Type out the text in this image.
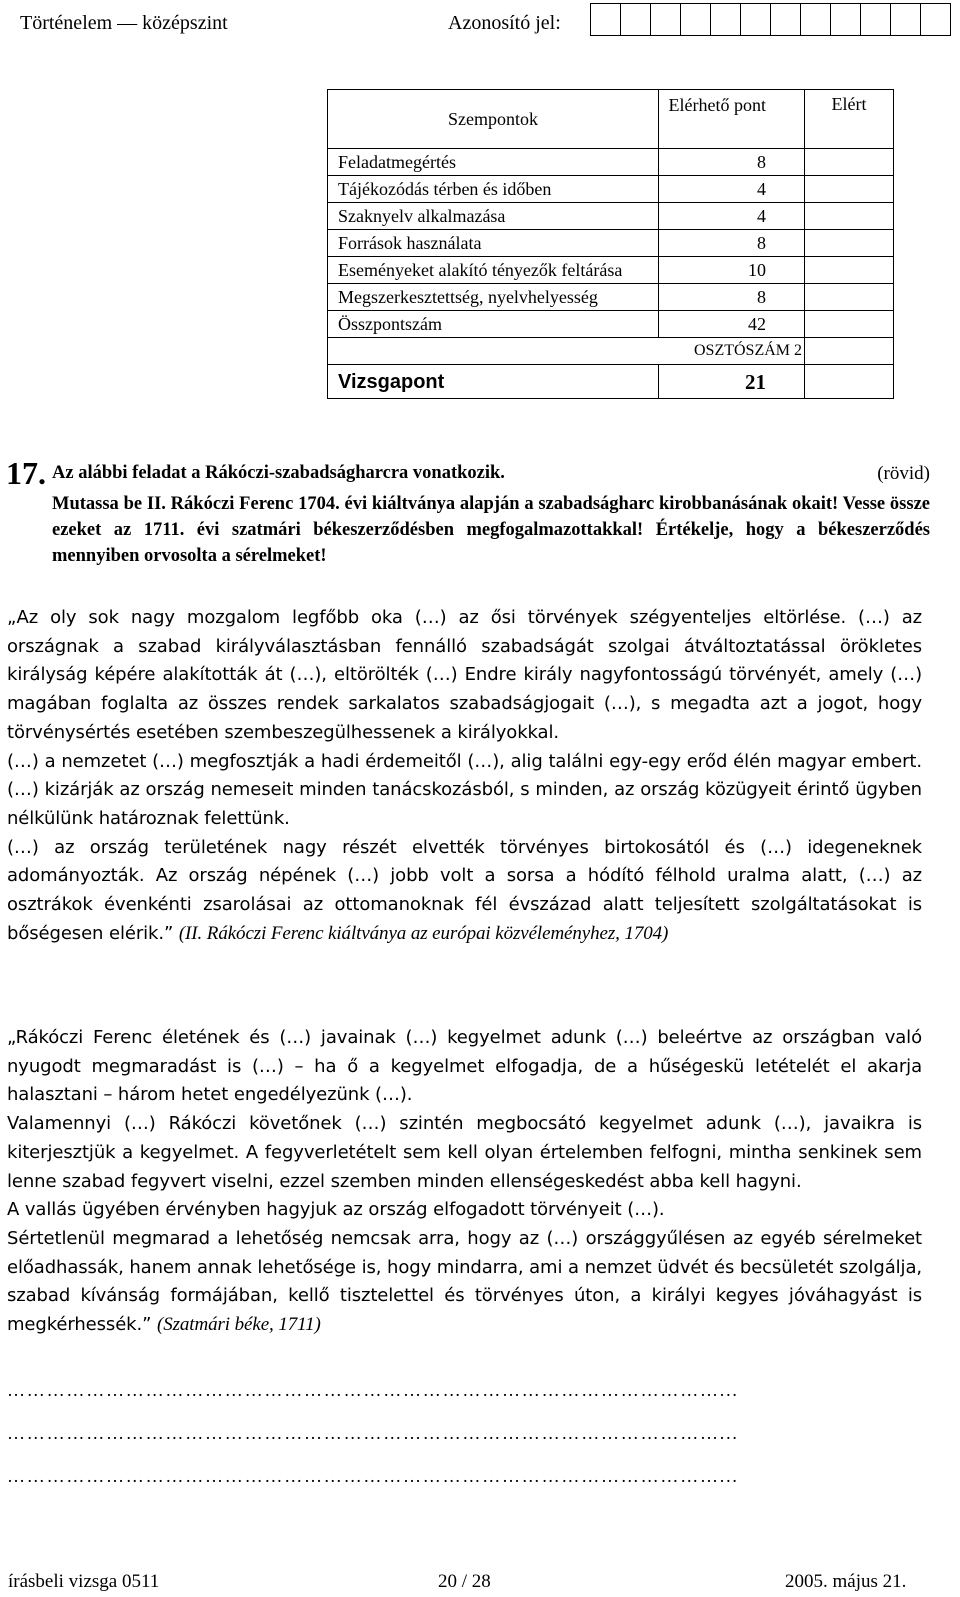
Történelem — középszint	Azonosító jel:
Szempontok	Elérhető pont	Elért
Feladatmegértés	8	
Tájékozódás térben és időben	4	
Szaknyelv alkalmazása	4	
Források használata	8	
Eseményeket alakító tényezők feltárása	10	
Megszerkesztettség, nyelvhelyesség	8	
Összpontszám	42	
	OSZTÓSZÁM 2	
Vizsgapont	21	
17. Az alábbi feladat a Rákóczi-szabadságharcra vonatkozik.	(rövid)
Mutassa be II. Rákóczi Ferenc 1704. évi kiáltványa alapján a szabadságharc kirobbanásának okait! Vesse össze ezeket az 1711. évi szatmári békeszerződésben megfogalmazottakkal! Értékelje, hogy a békeszerződés mennyiben orvosolta a sérelmeket!

„Az oly sok nagy mozgalom legfőbb oka (…) az ősi törvények szégyenteljes eltörlése. (…) az országnak a szabad királyválasztásban fennálló szabadságát szolgai átváltoztatással örökletes királyság képére alakították át (…), eltörölték (…) Endre király nagyfontosságú törvényét, amely (…) magában foglalta az összes rendek sarkalatos szabadságjogait (…), s megadta azt a jogot, hogy törvénysértés esetében szembeszegülhessenek a királyokkal.

(…) a nemzetet (…) megfosztják a hadi érdemeitől (…), alig találni egy-egy erőd élén magyar embert. (…) kizárják az ország nemeseit minden tanácskozásból, s minden, az ország közügyeit érintő ügyben nélkülünk határoznak felettünk.

(…) az ország területének nagy részét elvették törvényes birtokosától és (…) idegeneknek adományozták. Az ország népének (…) jobb volt a sorsa a hódító félhold uralma alatt, (…) az osztrákok évenkénti zsarolásai az ottomanoknak fél évszázad alatt teljesített szolgáltatásokat is bőségesen elérik.” (II. Rákóczi Ferenc kiáltványa az európai közvéleményhez, 1704)

„Rákóczi Ferenc életének és (…) javainak (…) kegyelmet adunk (…) beleértve az országban való nyugodt megmaradást is (…) – ha ő a kegyelmet elfogadja, de a hűségeskü letételét el akarja halasztani – három hetet engedélyezünk (…).

Valamennyi (…) Rákóczi követőnek (…) szintén megbocsátó kegyelmet adunk (…), javaikra is kiterjesztjük a kegyelmet. A fegyverletételt sem kell olyan értelemben felfogni, mintha senkinek sem lenne szabad fegyvert viselni, ezzel szemben minden ellenségeskedést abba kell hagyni.

A vallás ügyében érvényben hagyjuk az ország elfogadott törvényeit (…).

Sértetlenül megmarad a lehetőség nemcsak arra, hogy az (…) országgyűlésen az egyéb sérelmeket előadhassák, hanem annak lehetősége is, hogy mindarra, ami a nemzet üdvét és becsületét szolgálja, szabad kívánság formájában, kellő tisztelettel és törvényes úton, a királyi kegyes jóváhagyást is megkérhessék.” (Szatmári béke, 1711)

………………………………………………………………………………………………...
………………………………………………………………………………………………...
………………………………………………………………………………………………...
írásbeli vizsga 0511	20 / 28	2005. május 21.
